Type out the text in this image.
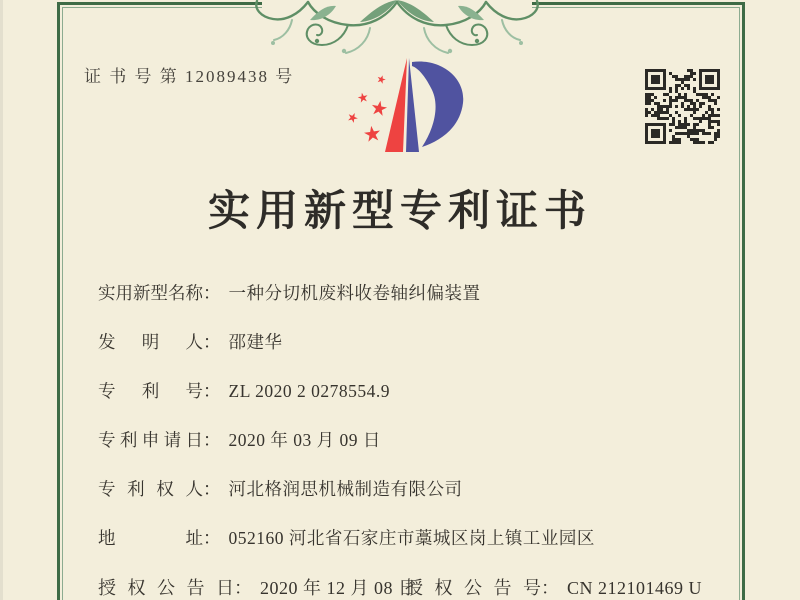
证 书 号 第 12089438 号	★
★
★
★
★
实用新型专利证书
实用新型名称： 一种分切机废料收卷轴纠偏装置
发明人： 邵建华
专利号： ZL 2020 2 0278554.9
专利申请日： 2020 年 03 月 09 日
专利权人： 河北格润思机械制造有限公司
地址： 052160 河北省石家庄市藁城区岗上镇工业园区
授权公告日： 2020 年 12 月 08 日
授权公告号： CN 212101469 U
